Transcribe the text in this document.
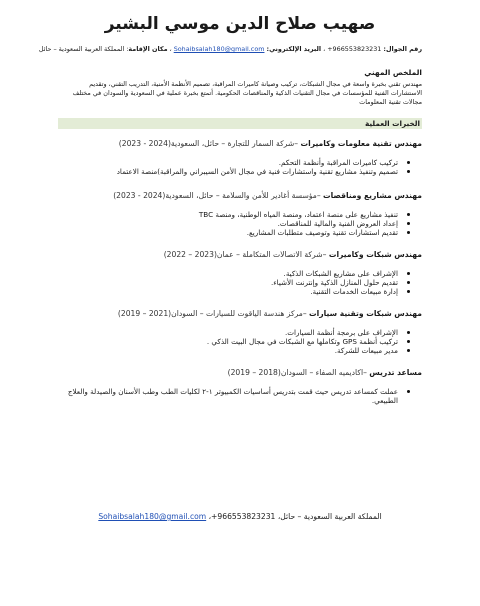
صهيب صلاح الدين موسي البشير
رقم الجوال: +966553823231 ، البريد الإلكتروني: Sohaibsalah180@gmail.com ، مكان الإقامة: المملكة العربية السعودية – حائل
الملخص المهني
مهندس تقني بخبرة واسعة في مجال الشبكات، تركيب وصيانة كاميرات المراقبة، تصميم الأنظمة الأمنية، التدريب التقني، وتقديم الاستشارات الفنية للمؤسسات في مجال التقنيات الذكية والمناقصات الحكومية. أتمتع بخبرة عملية في السعودية والسودان في مختلف مجالات تقنية المعلومات
الخبرات العملية
مهندس تقنية معلومات وكاميرات –شركة السمار للتجارة – حائل، السعودية(2024 - 2023)
تركيب كاميرات المراقبة وأنظمة التحكم.
تصميم وتنفيذ مشاريع تقنية واستشارات فنية في مجال الأمن السيبراني والمراقبة)منصة الاعتماد
مهندس مشاريع ومناقصات –مؤسسة أغادير للأمن والسلامة – حائل، السعودية(2024 - 2023)
تنفيذ مشاريع على منصة اعتماد، ومنصة المياه الوطنية، ومنصة TBC
إعداد العروض الفنية والمالية للمناقصات.
تقديم استشارات تقنية وتوصيف متطلبات المشاريع.
مهندس شبكات وكاميرات –شركة الاتصالات المتكاملة – عمان(2023 – 2022)
الإشراف على مشاريع الشبكات الذكية.
تقديم حلول المنازل الذكية وإنترنت الأشياء.
إدارة مبيعات الخدمات التقنية.
مهندس شبكات وتقنية سيارات –مركز هندسة الياقوت للسيارات – السودان(2021 – 2019)
الإشراف على برمجة أنظمة السيارات.
تركيب أنظمة GPS وتكاملها مع الشبكات في مجال البيت الذكي .
مدير مبيعات للشركة.
مساعد تدريس –اكاديميه الصفاء – السودان(2018 – 2019)
عملت كمساعد تدريس حيث قمت بتدريس أساسيات الكمبيوتر ١-٢ لكليات الطب وطب الأسنان والصيدلة والعلاج الطبيعي.
المملكة العربية السعودية – حائل، +966553823231، Sohaibsalah180@gmail.com
